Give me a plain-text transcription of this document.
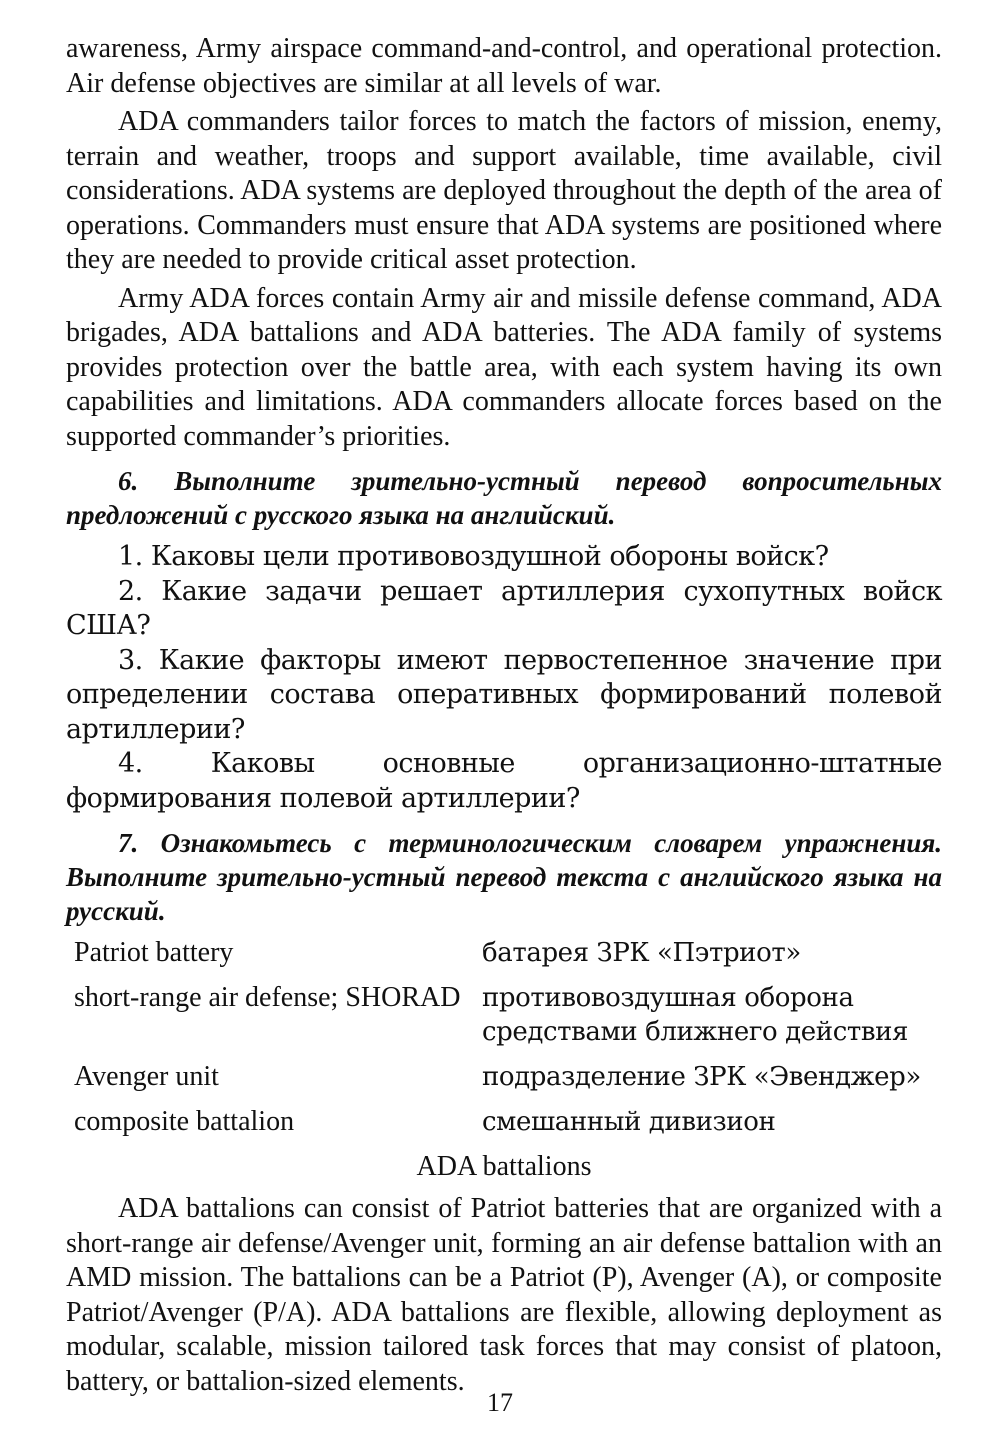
awareness, Army airspace command-and-control, and operational protection. Air defense objectives are similar at all levels of war.

ADA commanders tailor forces to match the factors of mission, enemy, terrain and weather, troops and support available, time available, civil considerations. ADA systems are deployed throughout the depth of the area of operations. Commanders must ensure that ADA systems are positioned where they are needed to provide critical asset protection.

Army ADA forces contain Army air and missile defense command, ADA brigades, ADA battalions and ADA batteries. The ADA family of systems provides protection over the battle area, with each system having its own capabilities and limitations. ADA commanders allocate forces based on the supported commander’s priorities.

6. Выполните зрительно-устный перевод вопросительных предложений с русского языка на английский.

1. Каковы цели противовоздушной обороны войск?

2. Какие задачи решает артиллерия сухопутных войск США?

3. Какие факторы имеют первостепенное значение при определении состава оперативных формирований полевой артиллерии?

4. Каковы основные организационно-штатные формирования полевой артиллерии?

7. Ознакомьтесь с терминологическим словарем упражнения. Выполните зрительно-устный перевод текста с английского языка на русский.

Patriot battery	батарея ЗРК «Пэтриот»
short-range air defense; SHORAD противовоздушная оборона средствами ближнего действия
Avenger unit	подразделение ЗРК «Эвенджер»
composite battalion	смешанный дивизион
ADA battalions

ADA battalions can consist of Patriot batteries that are organized with a short-range air defense/Avenger unit, forming an air defense battalion with an AMD mission. The battalions can be a Patriot (P), Avenger (A), or composite Patriot/Avenger (P/A). ADA battalions are flexible, allowing deployment as modular, scalable, mission tailored task forces that may consist of platoon, battery, or battalion-sized elements.

17
